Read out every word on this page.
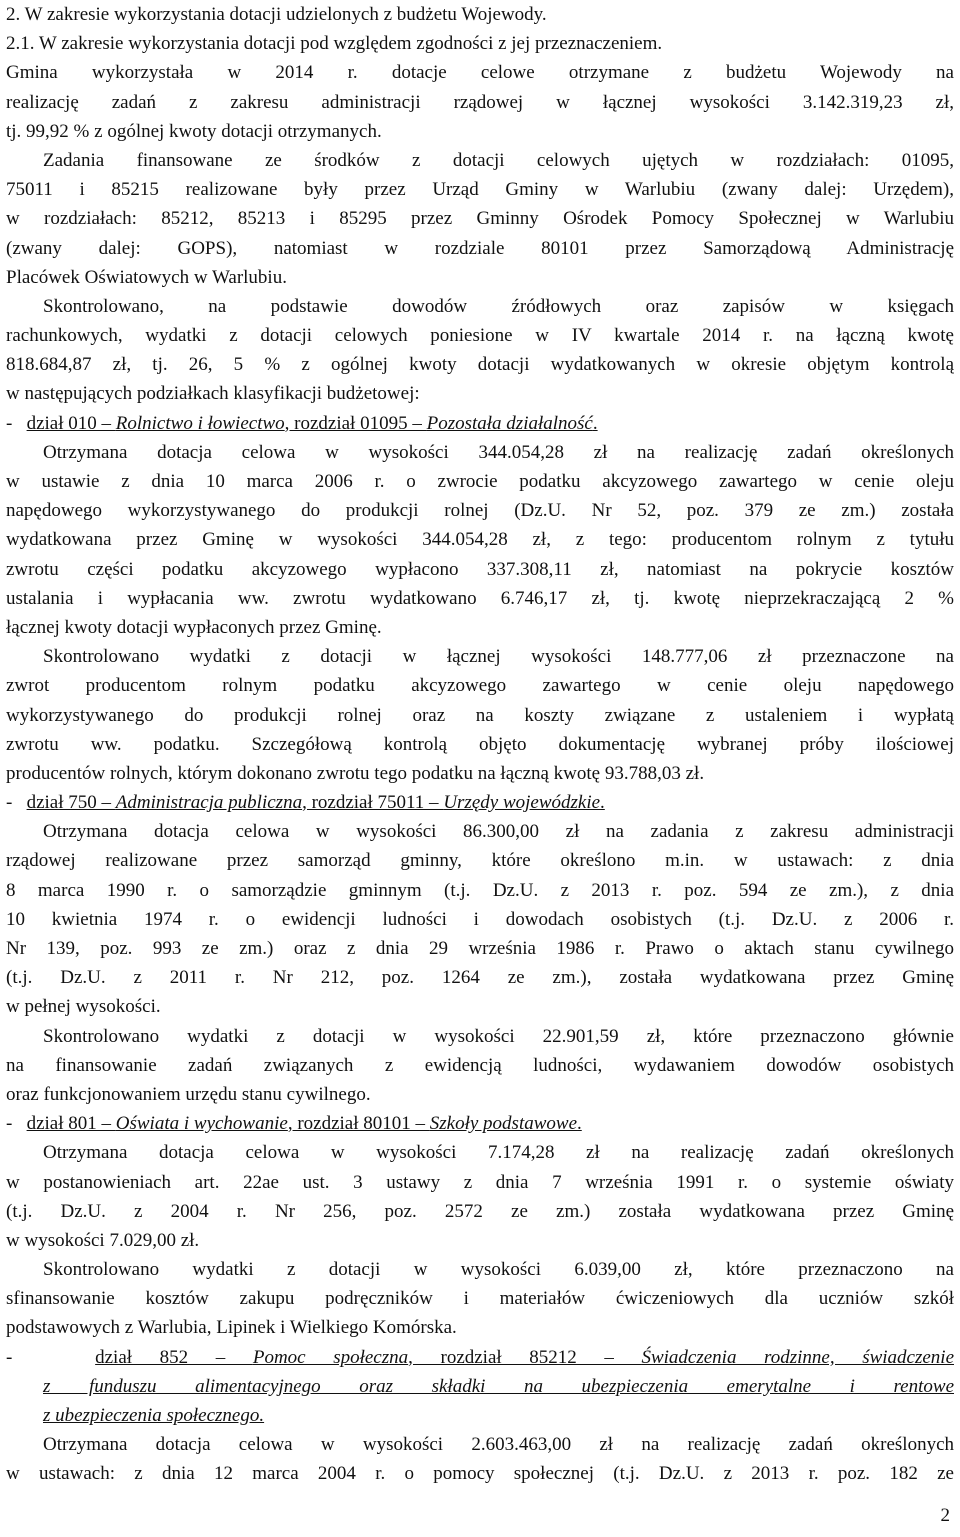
2. W zakresie wykorzystania dotacji udzielonych z budżetu Wojewody.
2.1. W zakresie wykorzystania dotacji pod względem zgodności z jej przeznaczeniem.
Gmina wykorzystała w 2014 r. dotacje celowe otrzymane z budżetu Wojewody na
realizację zadań z zakresu administracji rządowej w łącznej wysokości 3.142.319,23 zł,
tj. 99,92 % z ogólnej kwoty dotacji otrzymanych.
Zadania finansowane ze środków z dotacji celowych ujętych w rozdziałach: 01095,
75011 i 85215 realizowane były przez Urząd Gminy w Warlubiu (zwany dalej: Urzędem),
w rozdziałach: 85212, 85213 i 85295 przez Gminny Ośrodek Pomocy Społecznej w Warlubiu
(zwany dalej: GOPS), natomiast w rozdziale 80101 przez Samorządową Administrację
Placówek Oświatowych w Warlubiu.
Skontrolowano, na podstawie dowodów źródłowych oraz zapisów w księgach
rachunkowych, wydatki z dotacji celowych poniesione w IV kwartale 2014 r. na łączną kwotę
818.684,87 zł, tj. 26, 5 % z ogólnej kwoty dotacji wydatkowanych w okresie objętym kontrolą
w następujących podziałkach klasyfikacji budżetowej:
- dział 010 – Rolnictwo i łowiectwo, rozdział 01095 – Pozostała działalność.
Otrzymana dotacja celowa w wysokości 344.054,28 zł na realizację zadań określonych
w ustawie z dnia 10 marca 2006 r. o zwrocie podatku akcyzowego zawartego w cenie oleju
napędowego wykorzystywanego do produkcji rolnej (Dz.U. Nr 52, poz. 379 ze zm.) została
wydatkowana przez Gminę w wysokości 344.054,28 zł, z tego: producentom rolnym z tytułu
zwrotu części podatku akcyzowego wypłacono 337.308,11 zł, natomiast na pokrycie kosztów
ustalania i wypłacania ww. zwrotu wydatkowano 6.746,17 zł, tj. kwotę nieprzekraczającą 2 %
łącznej kwoty dotacji wypłaconych przez Gminę.
Skontrolowano wydatki z dotacji w łącznej wysokości 148.777,06 zł przeznaczone na
zwrot producentom rolnym podatku akcyzowego zawartego w cenie oleju napędowego
wykorzystywanego do produkcji rolnej oraz na koszty związane z ustaleniem i wypłatą
zwrotu ww. podatku. Szczegółową kontrolą objęto dokumentację wybranej próby ilościowej
producentów rolnych, którym dokonano zwrotu tego podatku na łączną kwotę 93.788,03 zł.
- dział 750 – Administracja publiczna, rozdział 75011 – Urzędy wojewódzkie.
Otrzymana dotacja celowa w wysokości 86.300,00 zł na zadania z zakresu administracji
rządowej realizowane przez samorząd gminny, które określono m.in. w ustawach: z dnia
8 marca 1990 r. o samorządzie gminnym (t.j. Dz.U. z 2013 r. poz. 594 ze zm.), z dnia
10 kwietnia 1974 r. o ewidencji ludności i dowodach osobistych (t.j. Dz.U. z 2006 r.
Nr 139, poz. 993 ze zm.) oraz z dnia 29 września 1986 r. Prawo o aktach stanu cywilnego
(t.j. Dz.U. z 2011 r. Nr 212, poz. 1264 ze zm.), została wydatkowana przez Gminę
w pełnej wysokości.
Skontrolowano wydatki z dotacji w wysokości 22.901,59 zł, które przeznaczono głównie
na finansowanie zadań związanych z ewidencją ludności, wydawaniem dowodów osobistych
oraz funkcjonowaniem urzędu stanu cywilnego.
- dział 801 – Oświata i wychowanie, rozdział 80101 – Szkoły podstawowe.
Otrzymana dotacja celowa w wysokości 7.174,28 zł na realizację zadań określonych
w postanowieniach art. 22ae ust. 3 ustawy z dnia 7 września 1991 r. o systemie oświaty
(t.j. Dz.U. z 2004 r. Nr 256, poz. 2572 ze zm.) została wydatkowana przez Gminę
w wysokości 7.029,00 zł.
Skontrolowano wydatki z dotacji w wysokości 6.039,00 zł, które przeznaczono na
sfinansowanie kosztów zakupu podręczników i materiałów ćwiczeniowych dla uczniów szkół
podstawowych z Warlubia, Lipinek i Wielkiego Komórska.
-	dział 852 – Pomoc społeczna, rozdział 85212 – Świadczenia rodzinne, świadczenie
z funduszu alimentacyjnego oraz składki na ubezpieczenia emerytalne i rentowe
z ubezpieczenia społecznego.
Otrzymana dotacja celowa w wysokości 2.603.463,00 zł na realizację zadań określonych
w ustawach: z dnia 12 marca 2004 r. o pomocy społecznej (t.j. Dz.U. z 2013 r. poz. 182 ze
2
